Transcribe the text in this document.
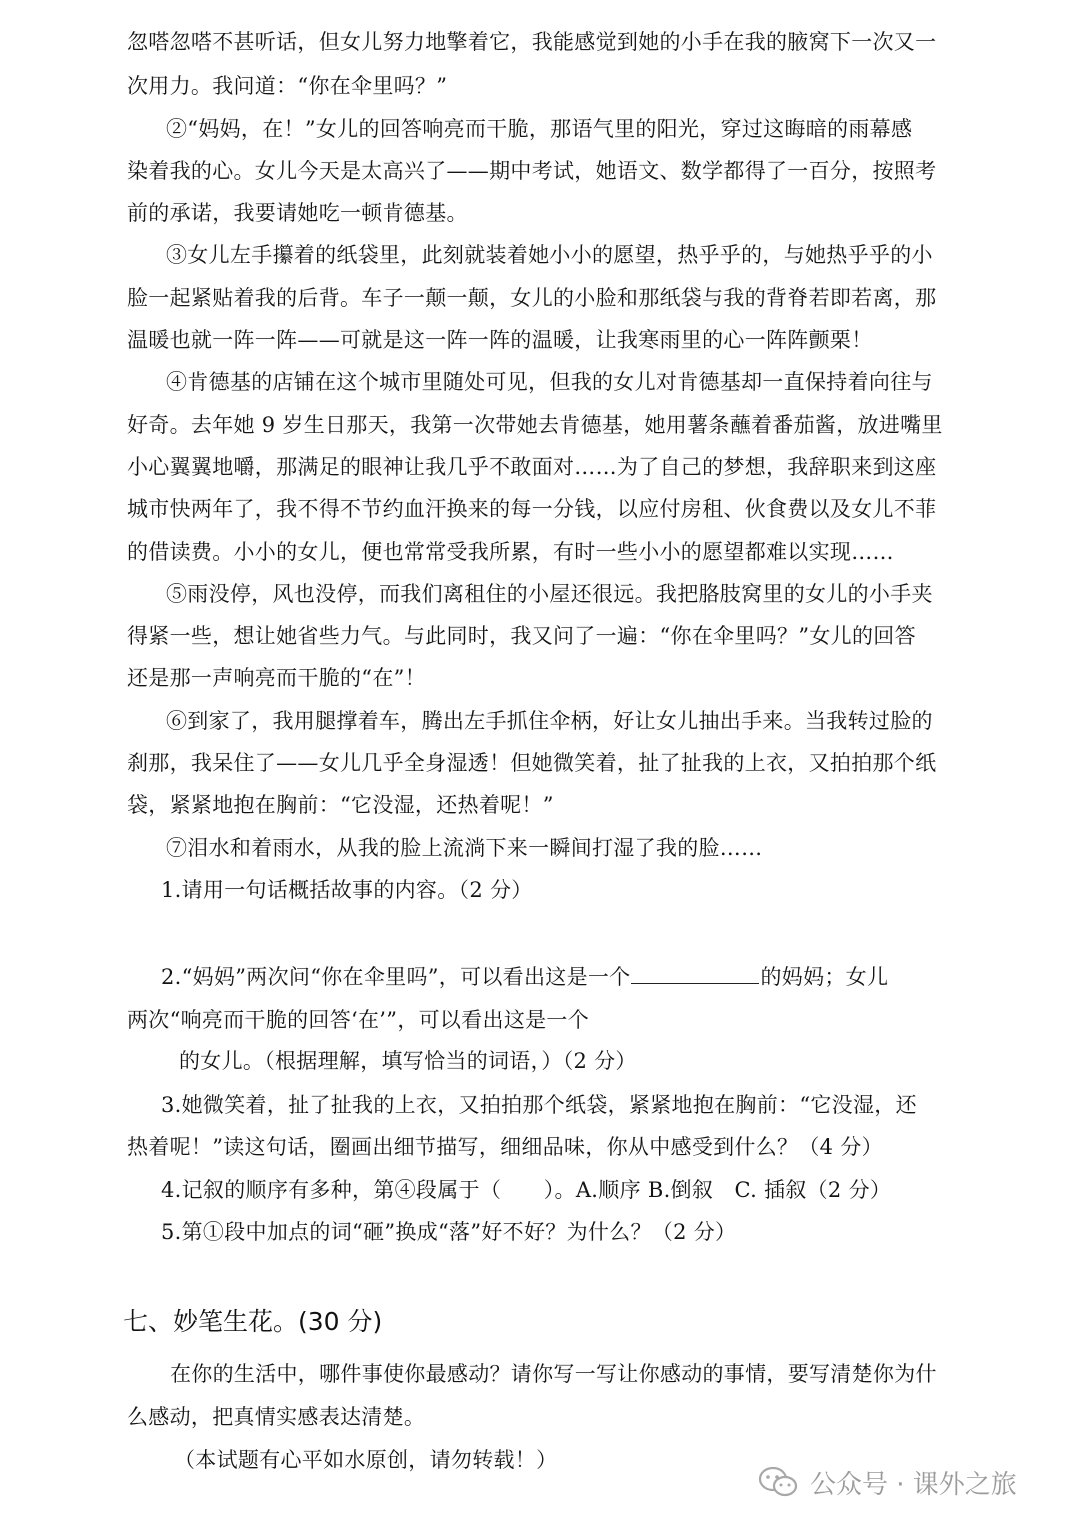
忽嗒忽嗒不甚听话，但女儿努力地擎着它，我能感觉到她的小手在我的腋窝下一次又一
次用力。我问道：“你在伞里吗？”
②“妈妈，在！”女儿的回答响亮而干脆，那语气里的阳光，穿过这晦暗的雨幕感
染着我的心。女儿今天是太高兴了——期中考试，她语文、数学都得了一百分，按照考
前的承诺，我要请她吃一顿肯德基。
③女儿左手攥着的纸袋里，此刻就装着她小小的愿望，热乎乎的，与她热乎乎的小
脸一起紧贴着我的后背。车子一颠一颠，女儿的小脸和那纸袋与我的背脊若即若离，那
温暖也就一阵一阵——可就是这一阵一阵的温暖，让我寒雨里的心一阵阵颤栗！
④肯德基的店铺在这个城市里随处可见，但我的女儿对肯德基却一直保持着向往与
好奇。去年她 9 岁生日那天，我第一次带她去肯德基，她用薯条蘸着番茄酱，放进嘴里
小心翼翼地嚼，那满足的眼神让我几乎不敢面对……为了自己的梦想，我辞职来到这座
城市快两年了，我不得不节约血汗换来的每一分钱，以应付房租、伙食费以及女儿不菲
的借读费。小小的女儿，便也常常受我所累，有时一些小小的愿望都难以实现……
⑤雨没停，风也没停，而我们离租住的小屋还很远。我把胳肢窝里的女儿的小手夹
得紧一些，想让她省些力气。与此同时，我又问了一遍：“你在伞里吗？”女儿的回答
还是那一声响亮而干脆的“在”！
⑥到家了，我用腿撑着车，腾出左手抓住伞柄，好让女儿抽出手来。当我转过脸的
刹那，我呆住了——女儿几乎全身湿透！但她微笑着，扯了扯我的上衣，又拍拍那个纸
袋，紧紧地抱在胸前：“它没湿，还热着呢！”
⑦泪水和着雨水，从我的脸上流淌下来一瞬间打湿了我的脸……
1.请用一句话概括故事的内容。（2 分）
2.“妈妈”两次问“你在伞里吗”，可以看出这是一个	的妈妈；女儿
两次“响亮而干脆的回答‘在’”，可以看出这是一个
的女儿。（根据理解，填写恰当的词语，）（2 分）
3.她微笑着，扯了扯我的上衣，又拍拍那个纸袋，紧紧地抱在胸前：“它没湿，还
热着呢！”读这句话，圈画出细节描写，细细品味，你从中感受到什么？（4 分）
4.记叙的顺序有多种，第④段属于（　　）。A.顺序 B.倒叙　C. 插叙（2 分）
5.第①段中加点的词“砸”换成“落”好不好？为什么？（2 分）
七、妙笔生花。(30 分)
在你的生活中，哪件事使你最感动？请你写一写让你感动的事情，要写清楚你为什
么感动，把真情实感表达清楚。
（本试题有心平如水原创，请勿转载！）
公众号 · 课外之旅
